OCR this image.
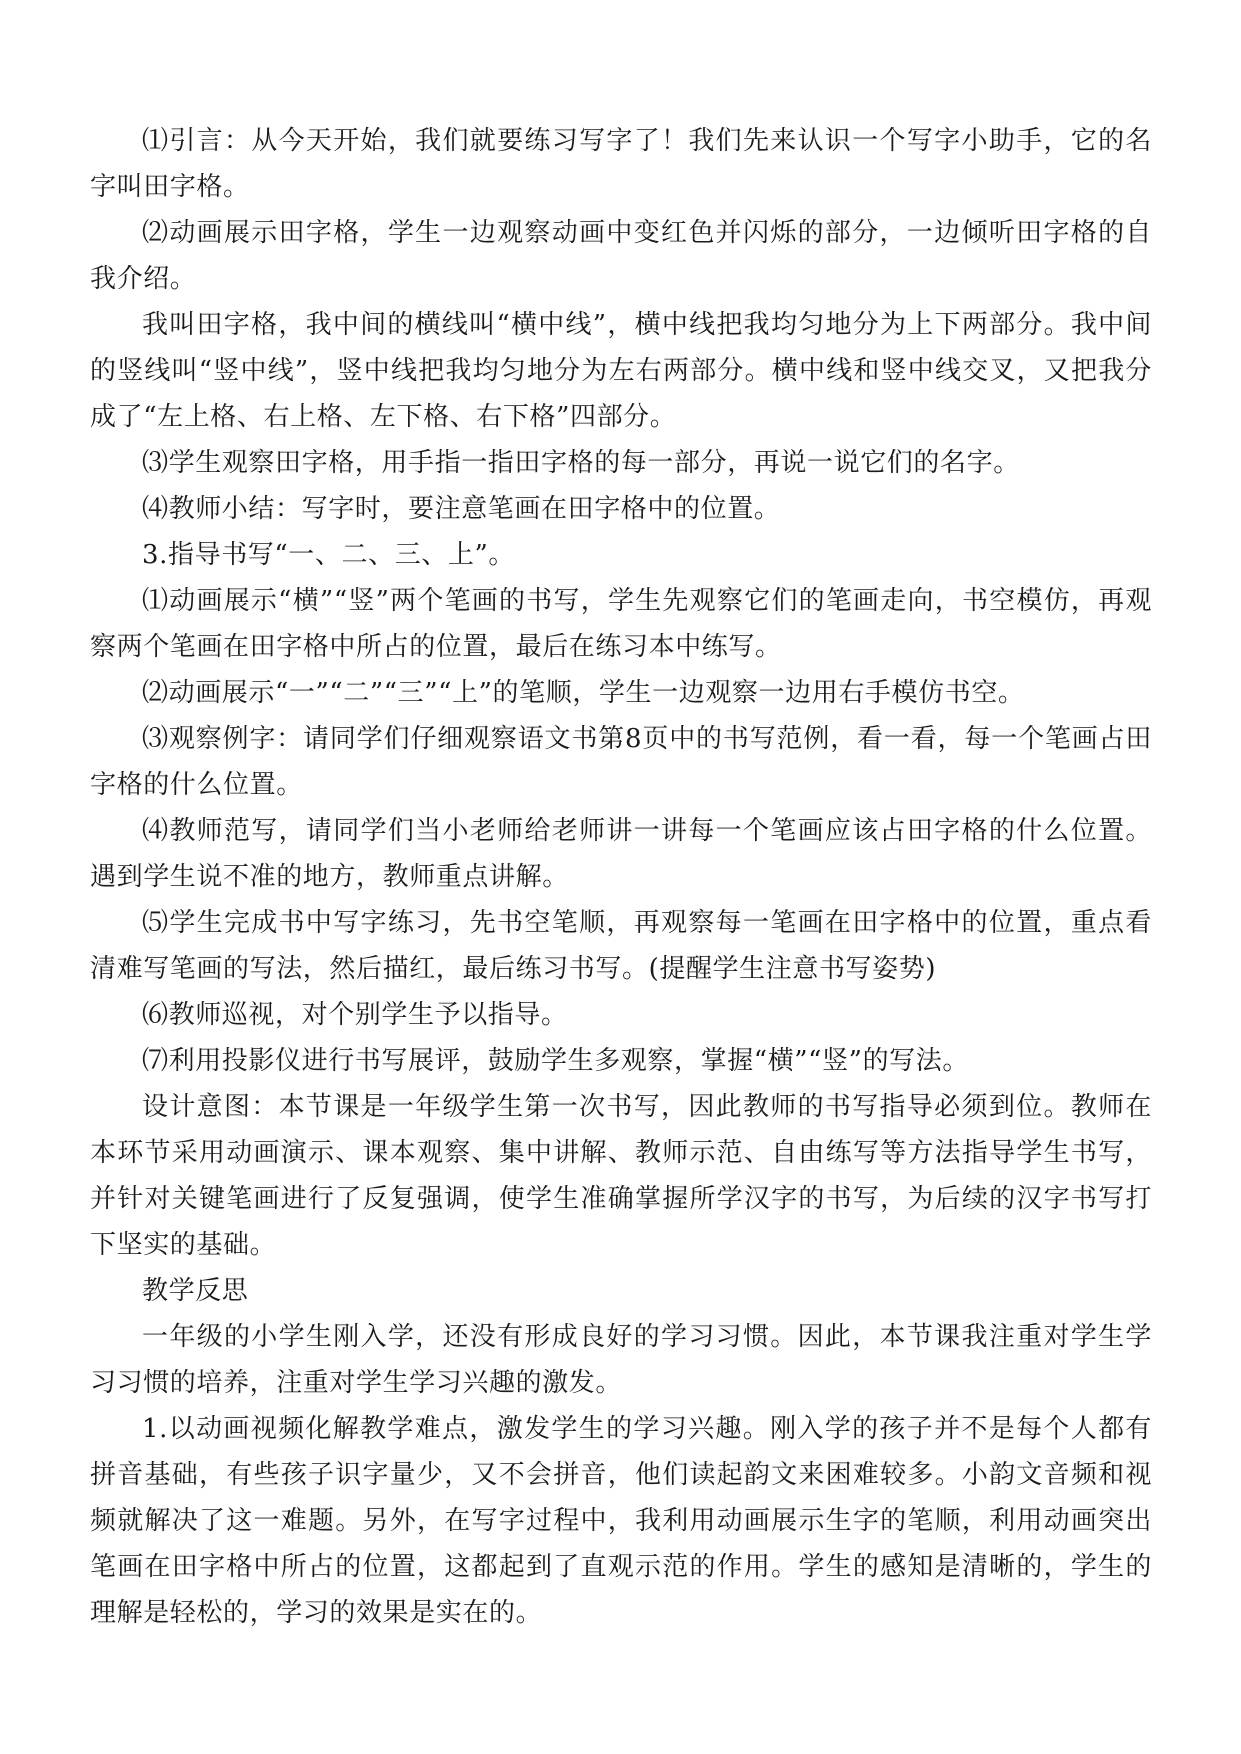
⑴引言：从今天开始，我们就要练习写字了！我们先来认识一个写字小助手，它的名字叫田字格。

⑵动画展示田字格，学生一边观察动画中变红色并闪烁的部分，一边倾听田字格的自我介绍。

我叫田字格，我中间的横线叫“横中线”，横中线把我均匀地分为上下两部分。我中间的竖线叫“竖中线”，竖中线把我均匀地分为左右两部分。横中线和竖中线交叉，又把我分成了“左上格、右上格、左下格、右下格”四部分。

⑶学生观察田字格，用手指一指田字格的每一部分，再说一说它们的名字。

⑷教师小结：写字时，要注意笔画在田字格中的位置。

3.指导书写“一、二、三、上”。

⑴动画展示“横”“竖”两个笔画的书写，学生先观察它们的笔画走向，书空模仿，再观察两个笔画在田字格中所占的位置，最后在练习本中练写。

⑵动画展示“一”“二”“三”“上”的笔顺，学生一边观察一边用右手模仿书空。

⑶观察例字：请同学们仔细观察语文书第8页中的书写范例，看一看，每一个笔画占田字格的什么位置。

⑷教师范写，请同学们当小老师给老师讲一讲每一个笔画应该占田字格的什么位置。遇到学生说不准的地方，教师重点讲解。

⑸学生完成书中写字练习，先书空笔顺，再观察每一笔画在田字格中的位置，重点看清难写笔画的写法，然后描红，最后练习书写。(提醒学生注意书写姿势)

⑹教师巡视，对个别学生予以指导。

⑺利用投影仪进行书写展评，鼓励学生多观察，掌握“横”“竖”的写法。

设计意图：本节课是一年级学生第一次书写，因此教师的书写指导必须到位。教师在本环节采用动画演示、课本观察、集中讲解、教师示范、自由练写等方法指导学生书写，并针对关键笔画进行了反复强调，使学生准确掌握所学汉字的书写，为后续的汉字书写打下坚实的基础。

教学反思

一年级的小学生刚入学，还没有形成良好的学习习惯。因此，本节课我注重对学生学习习惯的培养，注重对学生学习兴趣的激发。

1.以动画视频化解教学难点，激发学生的学习兴趣。刚入学的孩子并不是每个人都有拼音基础，有些孩子识字量少，又不会拼音，他们读起韵文来困难较多。小韵文音频和视频就解决了这一难题。另外，在写字过程中，我利用动画展示生字的笔顺，利用动画突出笔画在田字格中所占的位置，这都起到了直观示范的作用。学生的感知是清晰的，学生的理解是轻松的，学习的效果是实在的。
